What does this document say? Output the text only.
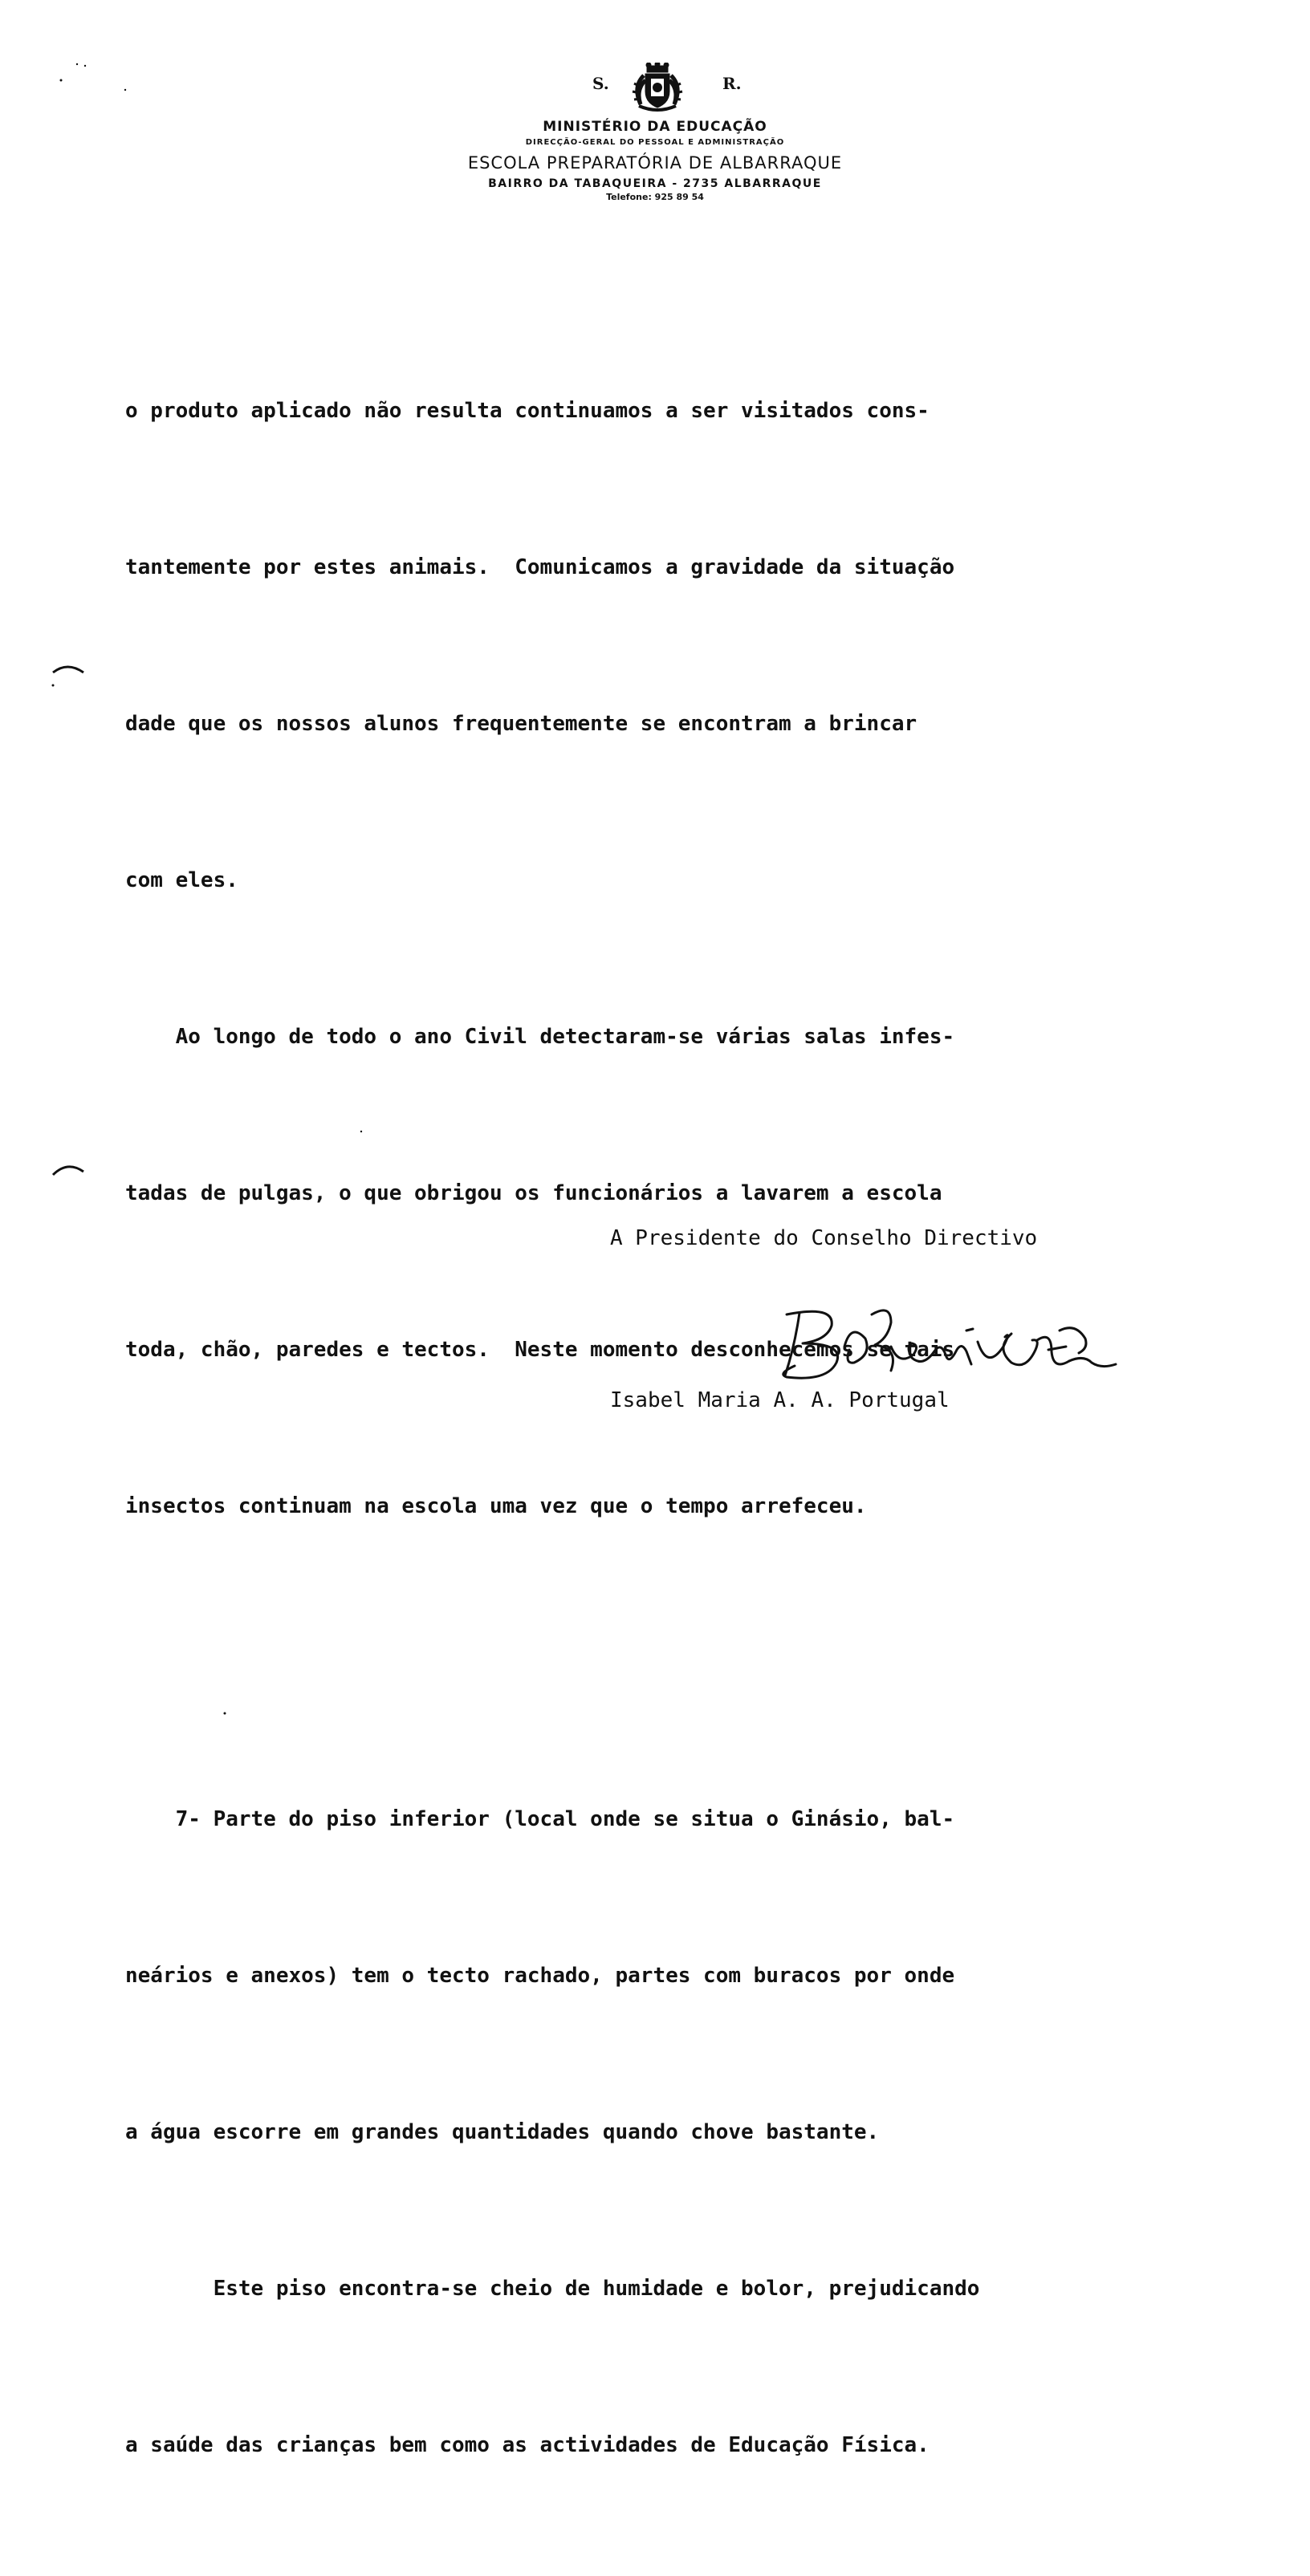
S.	R.
MINISTÉRIO DA EDUCAÇÃO
DIRECÇÃO-GERAL DO PESSOAL E ADMINISTRAÇÃO
ESCOLA PREPARATÓRIA DE ALBARRAQUE
BAIRRO DA TABAQUEIRA - 2735 ALBARRAQUE
Telefone: 925 89 54

o produto aplicado não resulta continuamos a ser visitados cons-

tantemente por estes animais.  Comunicamos a gravidade da situação

dade que os nossos alunos frequentemente se encontram a brincar

com eles.

Ao longo de todo o ano Civil detectaram-se várias salas infes-

tadas de pulgas, o que obrigou os funcionários a lavarem a escola

toda, chão, paredes e tectos.  Neste momento desconhecemos se tais

insectos continuam na escola uma vez que o tempo arrefeceu.

7- Parte do piso inferior (local onde se situa o Ginásio, bal-

neários e anexos) tem o tecto rachado, partes com buracos por onde

a água escorre em grandes quantidades quando chove bastante.

Este piso encontra-se cheio de humidade e bolor, prejudicando

a saúde das crianças bem como as actividades de Educação Física.

A Presidente do Conselho Directivo
Isabel Maria A. A. Portugal
